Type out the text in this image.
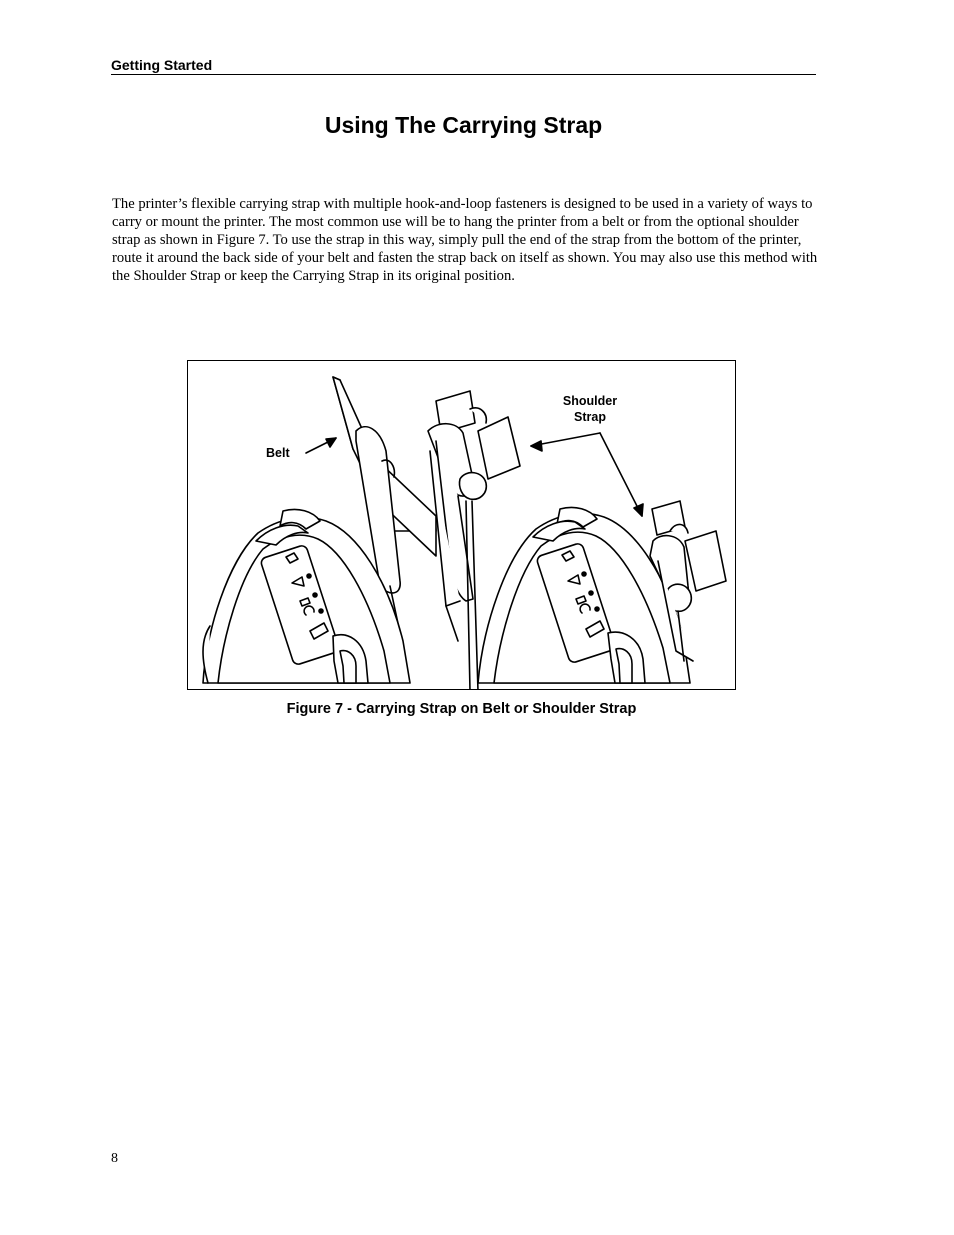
Getting Started
Using The Carrying Strap

The printer’s flexible carrying strap with multiple hook-and-loop fasteners is designed to be used in a variety of ways to carry or mount the printer. The most common use will be to hang the printer from a belt or from the optional shoulder strap as shown in Figure 7. To use the strap in this way, simply pull the end of the strap from the bottom of the printer, route it around the back side of your belt and fasten the strap back on itself as shown. You may also use this method with the Shoulder Strap or keep the Carrying Strap in its original position.

Belt
Shoulder
Strap
Figure 7 - Carrying Strap on Belt or Shoulder Strap
8
